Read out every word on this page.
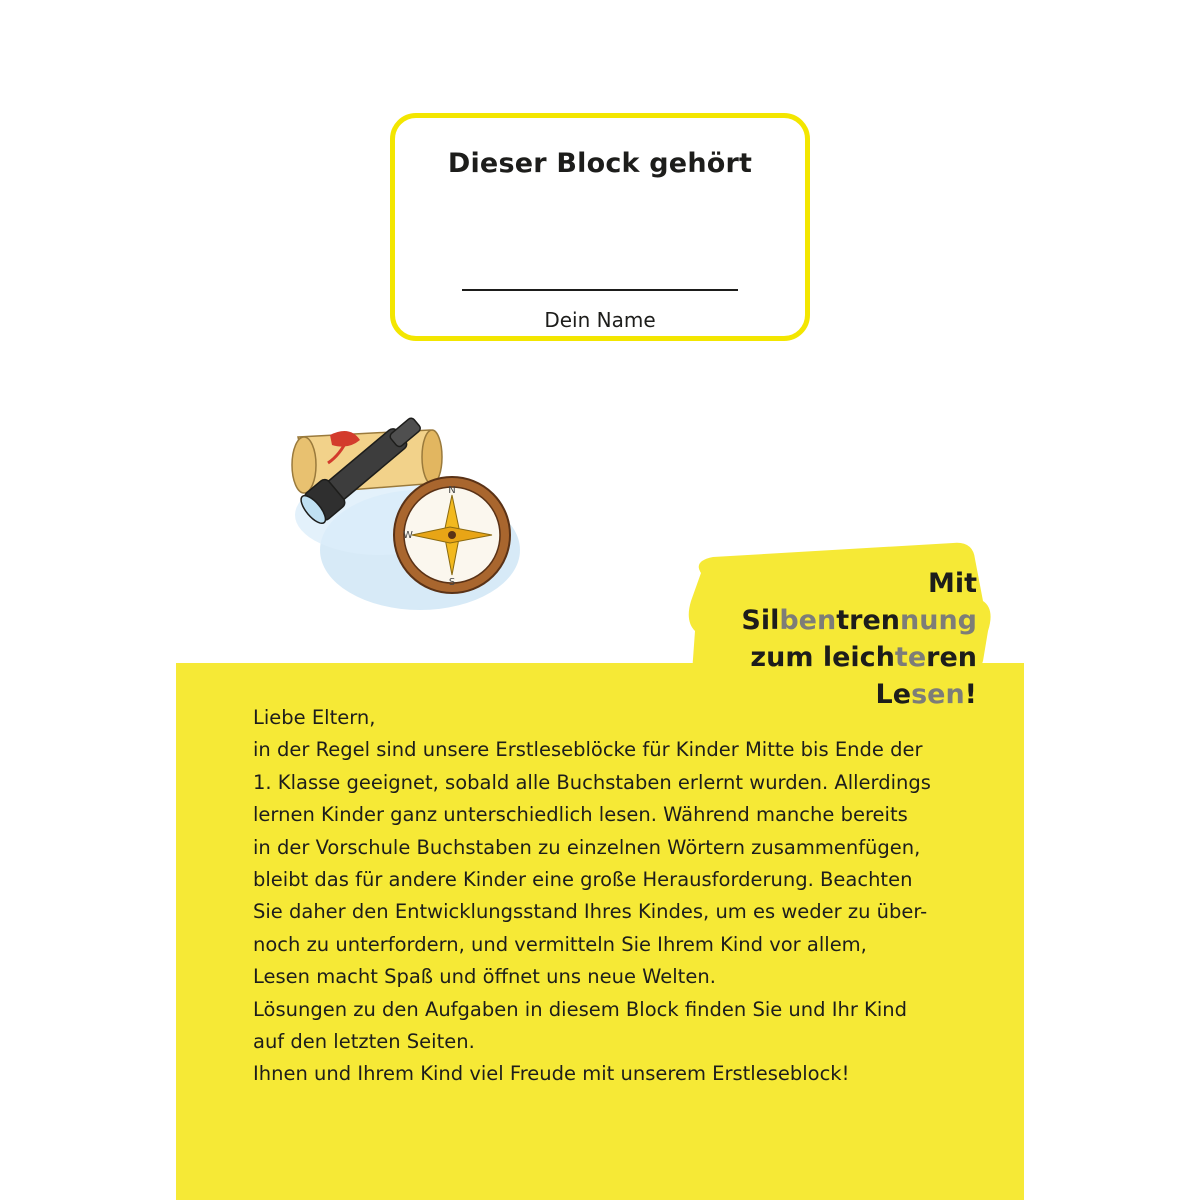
Dieser Block gehört
Dein Name
N
S
W
Mit Silbentrennung
zum leichteren
Lesen!
Liebe Eltern,
in der Regel sind unsere Erstleseblöcke für Kinder Mitte bis Ende der
1. Klasse geeignet, sobald alle Buchstaben erlernt wurden. Allerdings
lernen Kinder ganz unterschiedlich lesen. Während manche bereits
in der Vorschule Buchstaben zu einzelnen Wörtern zusammenfügen,
bleibt das für andere Kinder eine große Herausforderung. Beachten
Sie daher den Entwicklungsstand Ihres Kindes, um es weder zu über-
noch zu unterfordern, und vermitteln Sie Ihrem Kind vor allem,
Lesen macht Spaß und öffnet uns neue Welten.
Lösungen zu den Aufgaben in diesem Block finden Sie und Ihr Kind
auf den letzten Seiten.
Ihnen und Ihrem Kind viel Freude mit unserem Erstleseblock!
